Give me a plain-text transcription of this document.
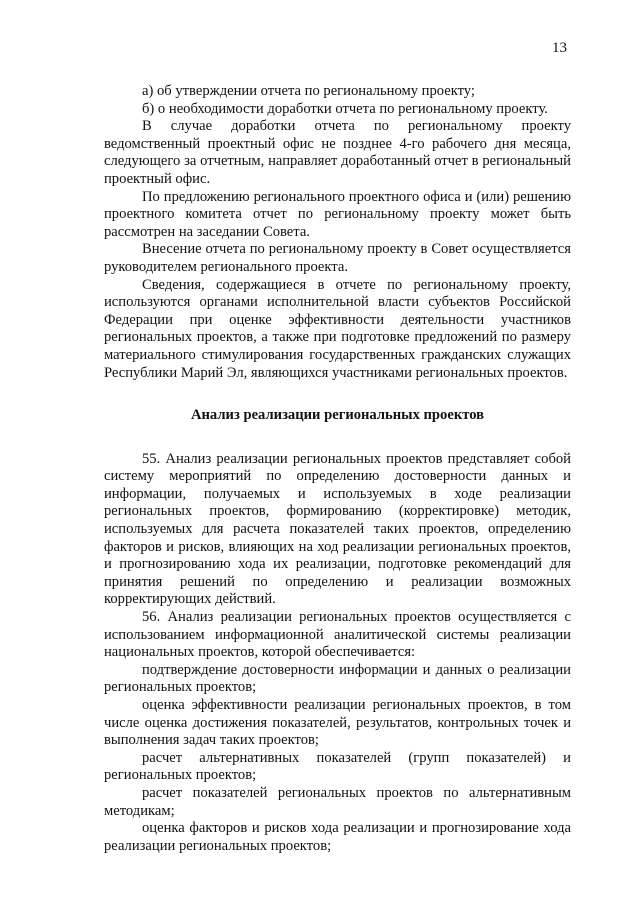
13

а) об утверждении отчета по региональному проекту;

б) о необходимости доработки отчета по региональному проекту.

В случае доработки отчета по региональному проекту ведомственный проектный офис не позднее 4-го рабочего дня месяца, следующего за отчетным, направляет доработанный отчет в региональный проектный офис.

По предложению регионального проектного офиса и (или) решению проектного комитета отчет по региональному проекту может быть рассмотрен на заседании Совета.

Внесение отчета по региональному проекту в Совет осуществляется руководителем регионального проекта.

Сведения, содержащиеся в отчете по региональному проекту, используются органами исполнительной власти субъектов Российской Федерации при оценке эффективности деятельности участников региональных проектов, а также при подготовке предложений по размеру материального стимулирования государственных гражданских служащих Республики Марий Эл, являющихся участниками региональных проектов.

Анализ реализации региональных проектов

55. Анализ реализации региональных проектов представляет собой систему мероприятий по определению достоверности данных и информации, получаемых и используемых в ходе реализации региональных проектов, формированию (корректировке) методик, используемых для расчета показателей таких проектов, определению факторов и рисков, влияющих на ход реализации региональных проектов, и прогнозированию хода их реализации, подготовке рекомендаций для принятия решений по определению и реализации возможных корректирующих действий.

56. Анализ реализации региональных проектов осуществляется с использованием информационной аналитической системы реализации национальных проектов, которой обеспечивается:

подтверждение достоверности информации и данных о реализации региональных проектов;

оценка эффективности реализации региональных проектов, в том числе оценка достижения показателей, результатов, контрольных точек и выполнения задач таких проектов;

расчет альтернативных показателей (групп показателей) и региональных проектов;

расчет показателей региональных проектов по альтернативным методикам;

оценка факторов и рисков хода реализации и прогнозирование хода реализации региональных проектов;
